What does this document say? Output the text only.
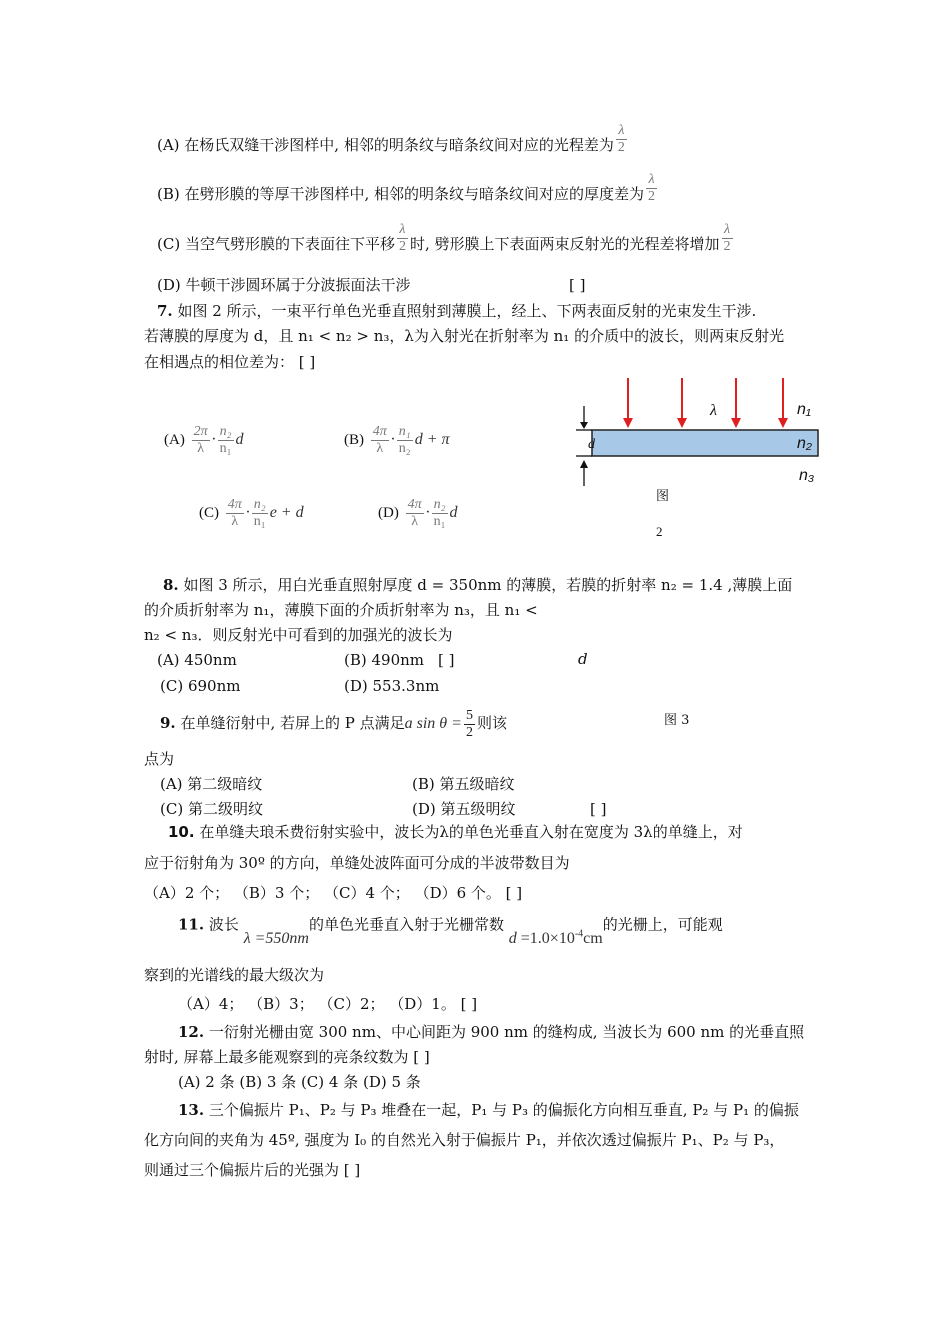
(A) 在杨氏双缝干涉图样中, 相邻的明条纹与暗条纹间对应的光程差为 $\frac{\lambda}{2}$
(B) 在劈形膜的等厚干涉图样中, 相邻的明条纹与暗条纹间对应的厚度差为 $\frac{\lambda}{2}$
(C) 当空气劈形膜的下表面往下平移 $\frac{\lambda}{2}$ 时, 劈形膜上下表面两束反射光的光程差将增加 $\frac{\lambda}{2}$
(D) 牛顿干涉圆环属于分波振面法干涉	[ ]
7. 如图 2 所示，一束平行单色光垂直照射到薄膜上，经上、下两表面反射的光束发生干涉.
若薄膜的厚度为 d，且 n₁ < n₂ > n₃，λ为入射光在折射率为 n₁ 的介质中的波长，则两束反射光
在相遇点的相位差为： [ ]
$(A) \frac{2\pi}{\lambda} \cdot \frac{\text{n₂}}{\text{n₁}}$ d	$(B) \frac{4\pi}{\lambda} \cdot \frac{\text{n₁}}{\text{n₂}}$ d + π
$(C) \frac{4\pi}{\lambda} \cdot \frac{\text{n₂}}{\text{n₁}}$ e + d	$(D) \frac{4\pi}{\lambda} \cdot \frac{\text{n₂}}{\text{n₁}}$ d
d
λ	n₁
n₂
n₃
图
2
8. 如图 3 所示，用白光垂直照射厚度 d = 350nm 的薄膜，若膜的折射率 n₂ = 1.4 ,薄膜上面
的介质折射率为 n₁，薄膜下面的介质折射率为 n₃，且 n₁ <
n₂ < n₃．则反射光中可看到的加强光的波长为
(A) 450nm	(B) 490nm [ ]	d
(C) 690nm	(D) 553.3nm
9. 在单缝衍射中, 若屏上的 P 点满足a $\sin \theta = \frac{5}{2}$ 则该	图 3
点为
(A) 第二级暗纹	(B) 第五级暗纹
(C) 第二级明纹	(D) 第五级明纹	[ ]
10. 在单缝夫琅禾费衍射实验中，波长为λ的单色光垂直入射在宽度为 3λ的单缝上，对
应于衍射角为 30º 的方向，单缝处波阵面可分成的半波带数目为
（A）2 个； （B）3 个； （C）4 个； （D）6 个。 [ ]
11. 波长 λ =550nm的单色光垂直入射于光栅常数 $d =1.0\times 10^{-4}cm$的光栅上，可能观
察到的光谱线的最大级次为
（A）4； （B）3； （C）2； （D）1。 [ ]
12. 一衍射光栅由宽 300 nm、中心间距为 900 nm 的缝构成, 当波长为 600 nm 的光垂直照
射时, 屏幕上最多能观察到的亮条纹数为 [ ]
(A) 2 条 (B) 3 条 (C) 4 条 (D) 5 条
13. 三个偏振片 P₁、P₂ 与 P₃ 堆叠在一起，P₁ 与 P₃ 的偏振化方向相互垂直, P₂ 与 P₁ 的偏振
化方向间的夹角为 45º, 强度为 I₀ 的自然光入射于偏振片 P₁，并依次透过偏振片 P₁、P₂ 与 P₃，
则通过三个偏振片后的光强为 [ ]
